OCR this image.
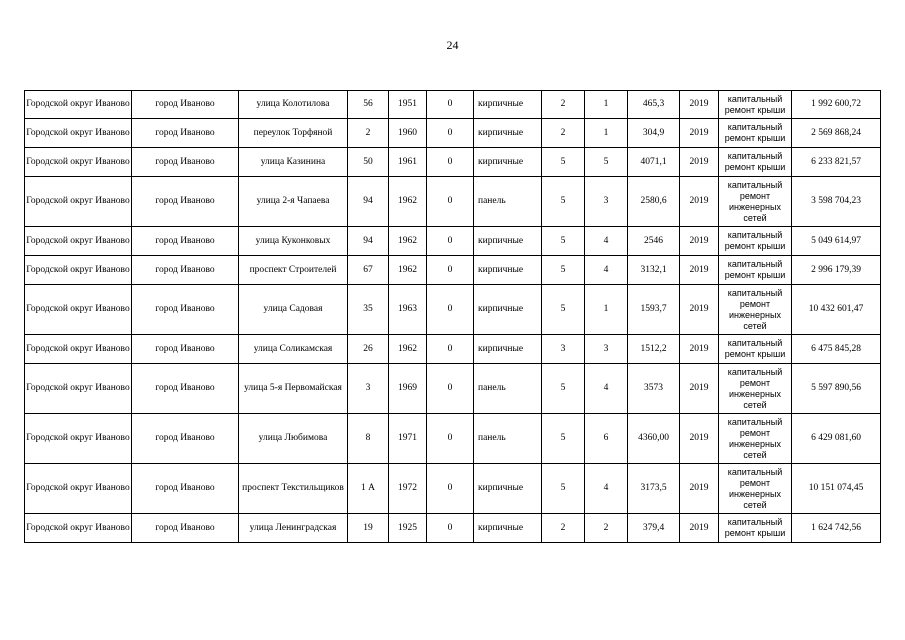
24
Городской округ Иваново	город Иваново	улица Колотилова	56	1951	0	кирпичные	2	1	465,3	2019	капитальный ремонт крыши	1 992 600,72
Городской округ Иваново	город Иваново	переулок Торфяной	2	1960	0	кирпичные	2	1	304,9	2019	капитальный ремонт крыши	2 569 868,24
Городской округ Иваново	город Иваново	улица Казинина	50	1961	0	кирпичные	5	5	4071,1	2019	капитальный ремонт крыши	6 233 821,57
Городской округ Иваново	город Иваново	улица 2-я Чапаева	94	1962	0	панель	5	3	2580,6	2019	капитальный ремонт инженерных сетей	3 598 704,23
Городской округ Иваново	город Иваново	улица Куконковых	94	1962	0	кирпичные	5	4	2546	2019	капитальный ремонт крыши	5 049 614,97
Городской округ Иваново	город Иваново	проспект Строителей	67	1962	0	кирпичные	5	4	3132,1	2019	капитальный ремонт крыши	2 996 179,39
Городской округ Иваново	город Иваново	улица Садовая	35	1963	0	кирпичные	5	1	1593,7	2019	капитальный ремонт инженерных сетей	10 432 601,47
Городской округ Иваново	город Иваново	улица Соликамская	26	1962	0	кирпичные	3	3	1512,2	2019	капитальный ремонт крыши	6 475 845,28
Городской округ Иваново	город Иваново	улица 5-я Первомайская	3	1969	0	панель	5	4	3573	2019	капитальный ремонт инженерных сетей	5 597 890,56
Городской округ Иваново	город Иваново	улица Любимова	8	1971	0	панель	5	6	4360,00	2019	капитальный ремонт инженерных сетей	6 429 081,60
Городской округ Иваново	город Иваново	проспект Текстильщиков	1 А	1972	0	кирпичные	5	4	3173,5	2019	капитальный ремонт инженерных сетей	10 151 074,45
Городской округ Иваново	город Иваново	улица Ленинградская	19	1925	0	кирпичные	2	2	379,4	2019	капитальный ремонт крыши	1 624 742,56
